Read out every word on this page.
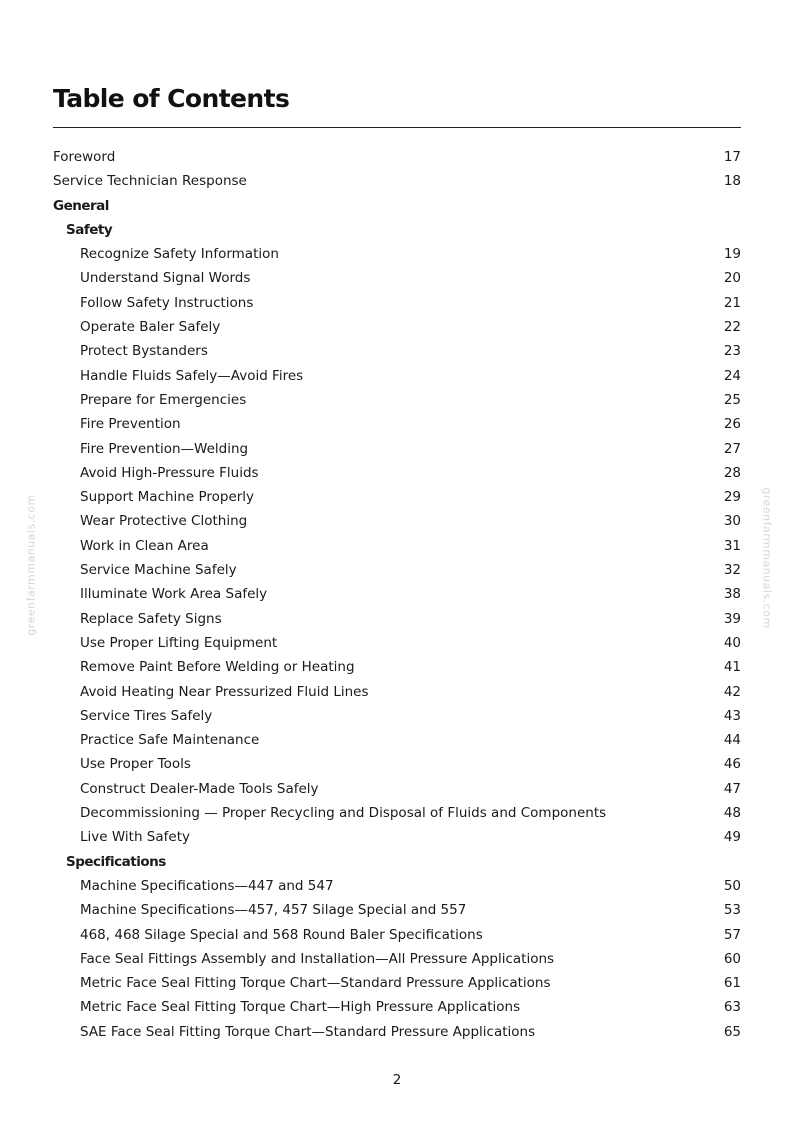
Table of Contents
Foreword	17
Service Technician Response	18
General
Safety
Recognize Safety Information	19
Understand Signal Words	20
Follow Safety Instructions	21
Operate Baler Safely	22
Protect Bystanders	23
Handle Fluids Safely—Avoid Fires	24
Prepare for Emergencies	25
Fire Prevention	26
Fire Prevention—Welding	27
Avoid High-Pressure Fluids	28
Support Machine Properly	29
Wear Protective Clothing	30
Work in Clean Area	31
Service Machine Safely	32
Illuminate Work Area Safely	38
Replace Safety Signs	39
Use Proper Lifting Equipment	40
Remove Paint Before Welding or Heating	41
Avoid Heating Near Pressurized Fluid Lines	42
Service Tires Safely	43
Practice Safe Maintenance	44
Use Proper Tools	46
Construct Dealer-Made Tools Safely	47
Decommissioning — Proper Recycling and Disposal of Fluids and Components	48
Live With Safety	49
Specifications
Machine Specifications—447 and 547	50
Machine Specifications—457, 457 Silage Special and 557	53
468, 468 Silage Special and 568 Round Baler Specifications	57
Face Seal Fittings Assembly and Installation—All Pressure Applications	60
Metric Face Seal Fitting Torque Chart—Standard Pressure Applications	61
Metric Face Seal Fitting Torque Chart—High Pressure Applications	63
SAE Face Seal Fitting Torque Chart—Standard Pressure Applications	65
2
greenfarmmanuals.com	greenfarmmanuals.com
